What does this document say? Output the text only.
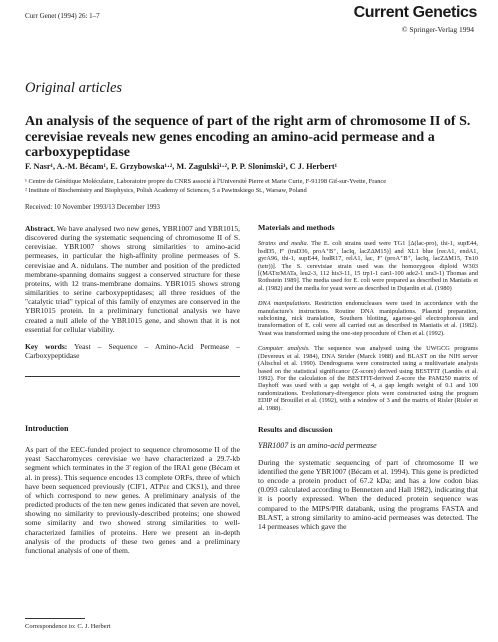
Curr Genet (1994) 26: 1–7	Current Genetics
© Springer-Verlag 1994
Original articles
An analysis of the sequence of part of the right arm of chromosome II of S. cerevisiae reveals new genes encoding an amino-acid permease and a carboxypeptidase
F. Nasr¹, A.-M. Bécam¹, E. Grzybowska¹·², M. Zagulski¹·², P. P. Slonimski¹, C J. Herbert¹
¹ Centre de Génétique Moléculaire, Laboratoire propre du CNRS associé à l'Université Pierre et Marie Curie, F-91198 Gif-sur-Yvette, France
² Institute of Biochemistry and Biophysics, Polish Academy of Sciences, 5 a Pawinskiego St., Warsaw, Poland
Received: 10 November 1993/13 December 1993

Abstract. We have analysed two new genes, YBR1007 and YBR1015, discovered during the systematic sequencing of chromosome II of S. cerevisiae. YBR1007 shows strong similarities to amino-acid permeases, in particular the high-affinity proline permeases of S. cerevisiae and A. nidulans. The number and position of the predicted membrane-spanning domains suggest a conserved structure for these proteins, with 12 trans-membrane domains. YBR1015 shows strong similarities to serine carboxypeptidases; all three residues of the "catalytic triad" typical of this family of enzymes are conserved in the YBR1015 protein. In a preliminary functional analysis we have created a null allele of the YBR1015 gene, and shown that it is not essential for cellular viability.

Key words: Yeast – Sequence – Amino-Acid Permease – Carboxypeptidase

Introduction

As part of the EEC-funded project to sequence chromosome II of the yeast Saccharomyces cerevisiae we have characterized a 29.7-kb segment which terminates in the 3' region of the IRA1 gene (Bécam et al. in press). This sequence encodes 13 complete ORFs, three of which have been sequenced previously (CIF1, ATPεε and CKS1), and three of which correspond to new genes. A preliminary analysis of the predicted products of the ten new genes indicated that seven are novel, showing no similarity to previously-described proteins; one showed some similarity and two showed strong similarities to well-characterized families of proteins. Here we present an in-depth analysis of the products of these two genes and a preliminary functional analysis of one of them.

Correspondence to: C. J. Herbert

Materials and methods

Strains and media. The E. coli strains used were TG1 [Δ(lac-pro), thi-1, supE44, hsdD5, F' (traD36, proA⁺B⁺, lacIq, lacZΔM15)] and XL1 blue [recA1, endA1, gyrA96, thi-1, supE44, hsdR17, relA1, lac, F' (proA⁺B⁺, lacIq, lacZΔM15, Tn10 (tetr))]. The S. cerevisiae strain used was the homozygous diploid W303 [(MATα/MATa, leu2-3, 112 his3-11, 15 trp1-1 can1-100 ade2-1 ura3-1) Thomas and Rothstein 1989]. The media used for E. coli were prepared as described in Maniatis et al. (1982) and the media for yeast were as described in Dujardin et al. (1980)

DNA manipulations. Restriction endonucleases were used in accordance with the manufacture's instructions. Routine DNA manipulations. Plasmid preparation, subcloning, nick translation, Southern blotting, agarose-gel electrophoresis and transformation of E. coli were all carried out as described in Maniatis et al. (1982). Yeast was transformed using the one-step procedure of Chen et al. (1992).

Computer analysis. The sequence was analysed using the UWGCG programs (Devereux et al. 1984), DNA Strider (Marck 1988) and BLAST on the NIH server (Altschul et al. 1990). Dendrograms were constructed using a multivariate analysis based on the statistical significance (Z-score) derived using BESTFIT (Landès et al. 1992). For the calculation of the BESTFIT-derived Z-score the PAM250 matrix of Dayhoff was used with a gap weight of 4, a gap length weight of 0.1 and 100 randomizations. Evolutionary-divergence plots were constructed using the program EDIP of Brouillet et al. (1992), with a window of 3 and the matrix of Risler (Risler et al. 1988).

Results and discussion

YBR1007 is an amino-acid permease

During the systematic sequencing of part of chromosome II we identified the gene YBR1007 (Bécam et al. 1994). This gene is predicted to encode a protein product of 67.2 kDa; and has a low codon bias (0.093 calculated according to Bennetzen and Hall 1982), indicating that it is poorly expressed. When the deduced protein sequence was compared to the MIPS/PIR databank, using the programs FASTA and BLAST, a strong similarity to amino-acid permeases was detected. The 14 permeases which gave the
